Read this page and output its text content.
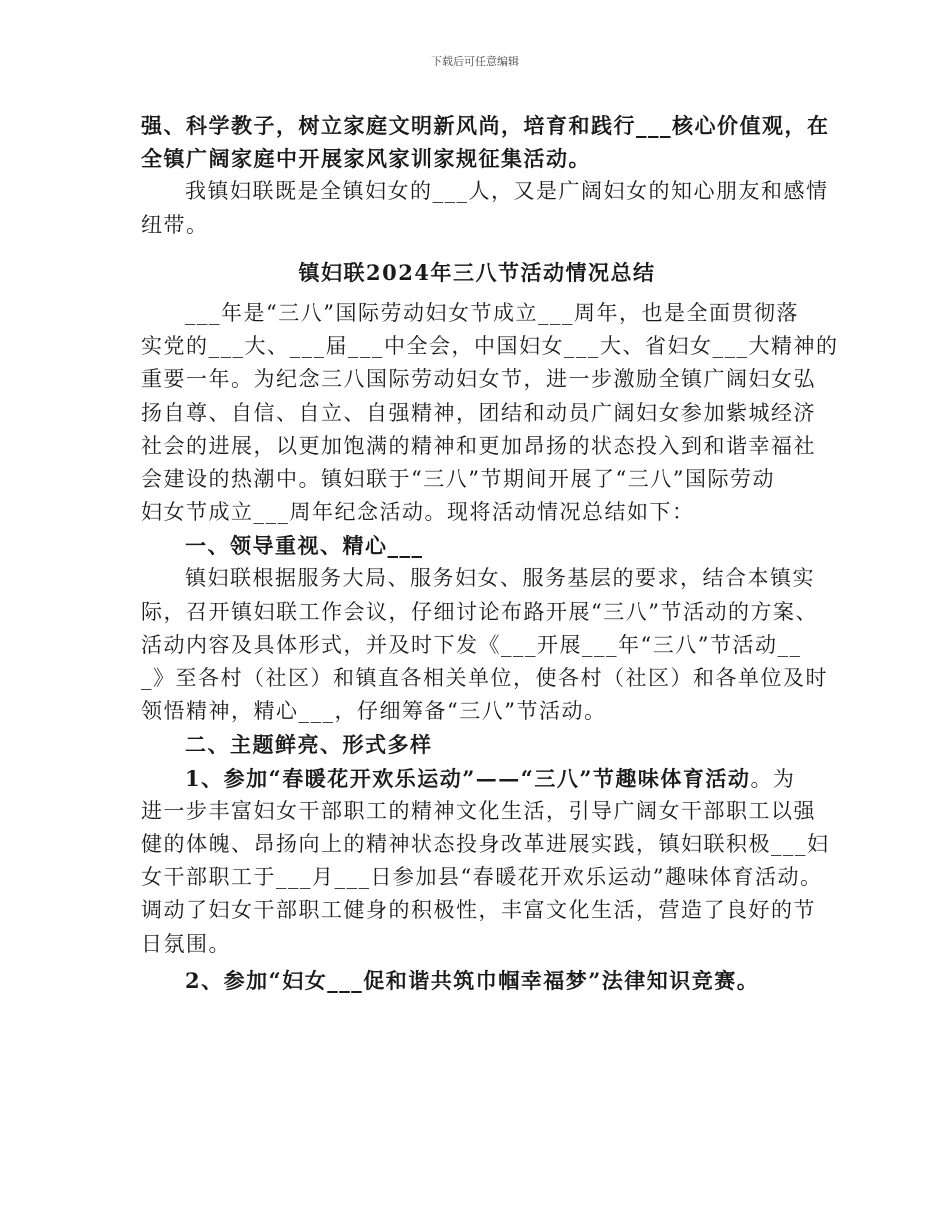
下载后可任意编辑
强、科学教子，树立家庭文明新风尚，培育和践行___核心价值观，在
全镇广阔家庭中开展家风家训家规征集活动。
我镇妇联既是全镇妇女的___人，又是广阔妇女的知心朋友和感情
纽带。
镇妇联2024年三八节活动情况总结
___年是“三八”国际劳动妇女节成立___周年，也是全面贯彻落
实党的___大、___届___中全会，中国妇女___大、省妇女___大精神的
重要一年。为纪念三八国际劳动妇女节，进一步激励全镇广阔妇女弘
扬自尊、自信、自立、自强精神，团结和动员广阔妇女参加紫城经济
社会的进展，以更加饱满的精神和更加昂扬的状态投入到和谐幸福社
会建设的热潮中。镇妇联于“三八”节期间开展了“三八”国际劳动
妇女节成立___周年纪念活动。现将活动情况总结如下：
一、领导重视、精心___
镇妇联根据服务大局、服务妇女、服务基层的要求，结合本镇实
际，召开镇妇联工作会议，仔细讨论布路开展“三八”节活动的方案、
活动内容及具体形式，并及时下发《___开展___年“三八”节活动__
_》至各村（社区）和镇直各相关单位，使各村（社区）和各单位及时
领悟精神，精心___，仔细筹备“三八”节活动。
二、主题鲜亮、形式多样
1、参加“春暖花开欢乐运动”——“三八”节趣味体育活动。为
进一步丰富妇女干部职工的精神文化生活，引导广阔女干部职工以强
健的体魄、昂扬向上的精神状态投身改革进展实践，镇妇联积极___妇
女干部职工于___月___日参加县“春暖花开欢乐运动”趣味体育活动。
调动了妇女干部职工健身的积极性，丰富文化生活，营造了良好的节
日氛围。
2、参加“妇女___促和谐共筑巾帼幸福梦”法律知识竞赛。
